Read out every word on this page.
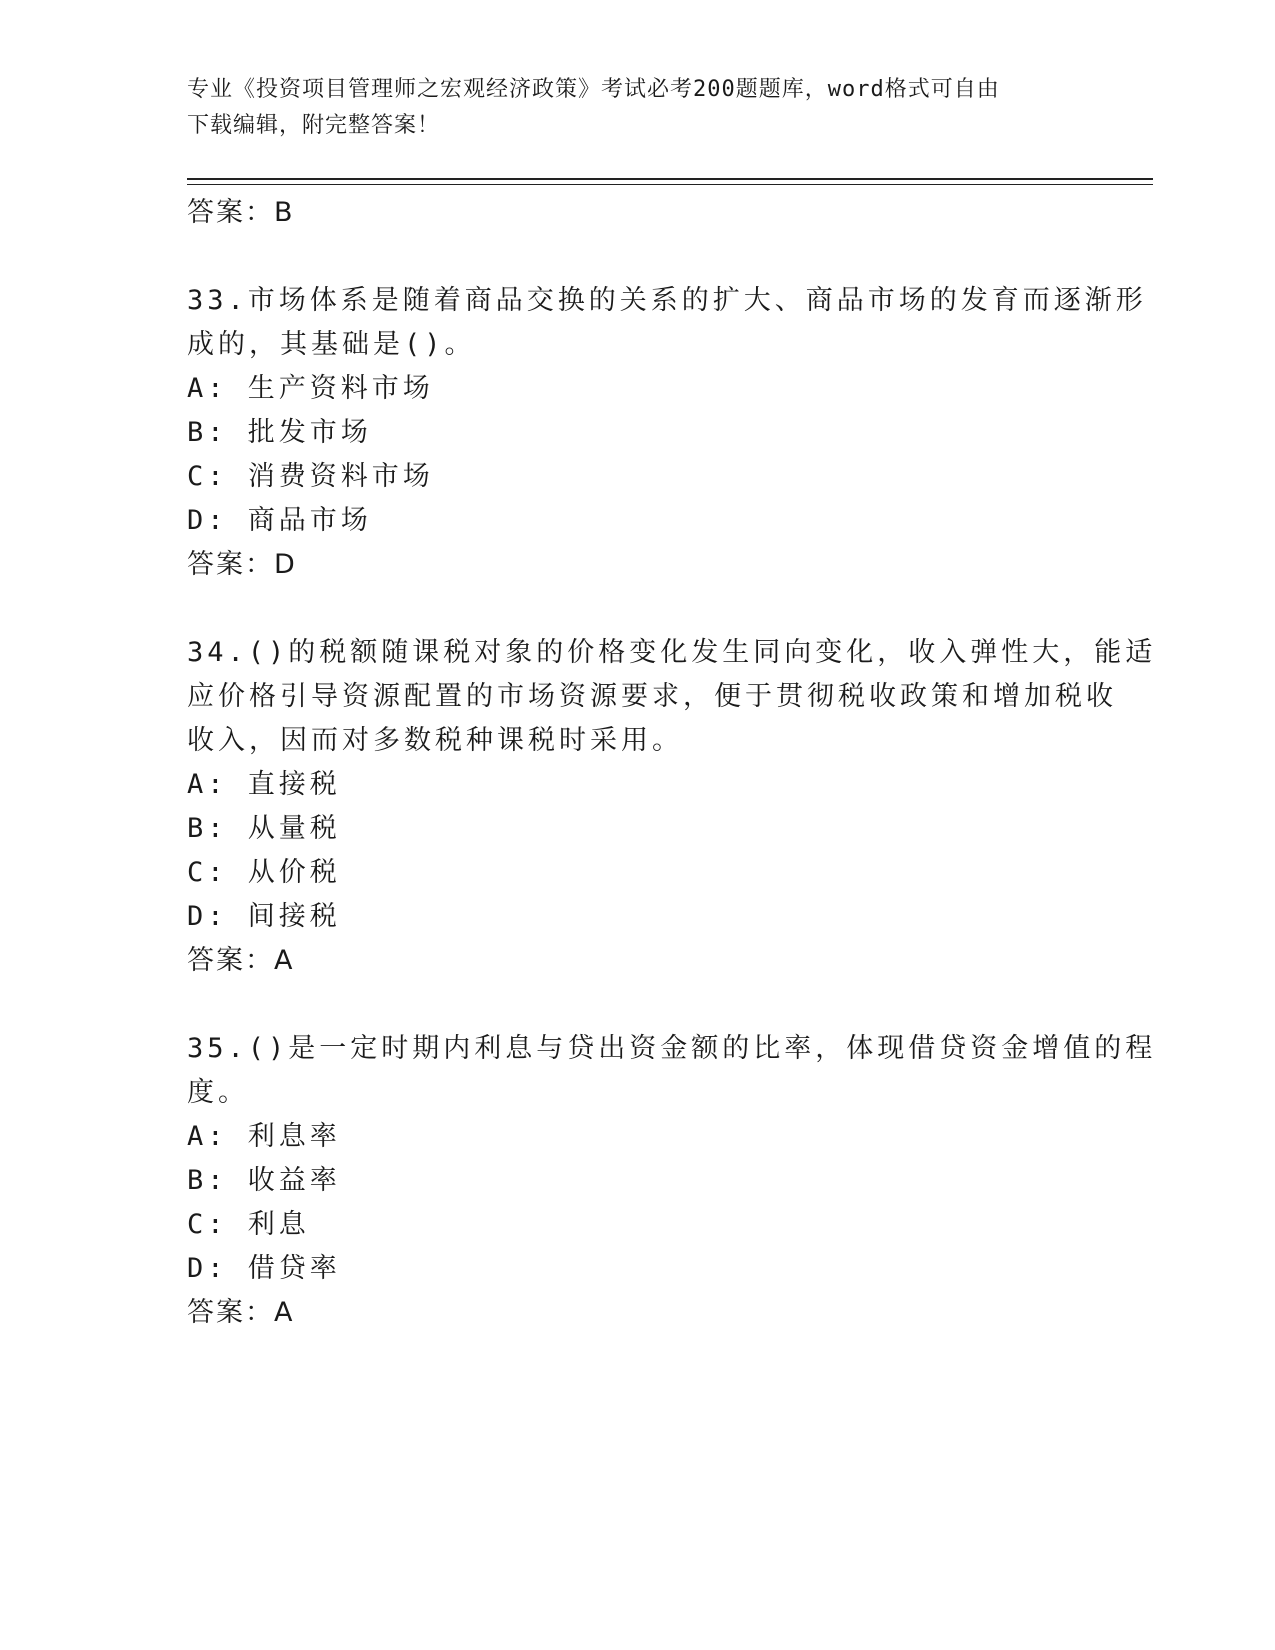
专业《投资项目管理师之宏观经济政策》考试必考200题题库，word格式可自由
下载编辑，附完整答案！
答案：B
33.市场体系是随着商品交换的关系的扩大、商品市场的发育而逐渐形
成的，其基础是()。
A: 生产资料市场
B: 批发市场
C: 消费资料市场
D: 商品市场
答案：D
34.()的税额随课税对象的价格变化发生同向变化，收入弹性大，能适
应价格引导资源配置的市场资源要求，便于贯彻税收政策和增加税收
收入，因而对多数税种课税时采用。
A: 直接税
B: 从量税
C: 从价税
D: 间接税
答案：A
35.()是一定时期内利息与贷出资金额的比率，体现借贷资金增值的程
度。
A: 利息率
B: 收益率
C: 利息
D: 借贷率
答案：A
